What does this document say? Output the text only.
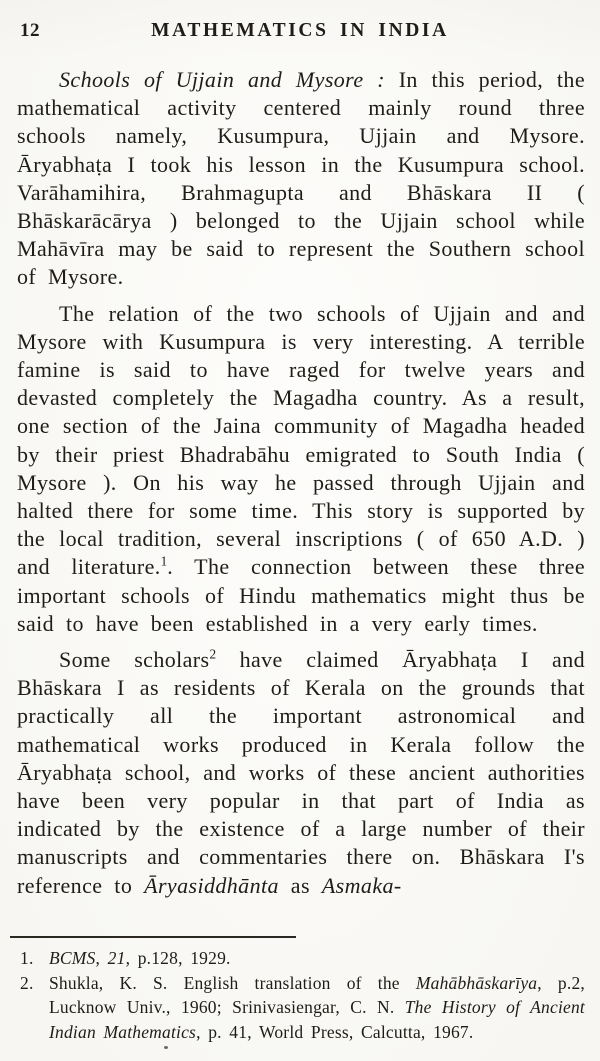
12	MATHEMATICS IN INDIA

Schools of Ujjain and Mysore : In this period, the mathematical activity centered mainly round three schools namely, Kusumpura, Ujjain and Mysore. Āryabhaṭa I took his lesson in the Kusumpura school. Varāhamihira, Brahmagupta and Bhāskara II ( Bhāskarācārya ) belonged to the Ujjain school while Mahāvīra may be said to represent the Southern school of Mysore.

The relation of the two schools of Ujjain and and Mysore with Kusumpura is very interesting. A terrible famine is said to have raged for twelve years and devasted completely the Magadha country. As a result, one section of the Jaina community of Magadha headed by their priest Bhadrabāhu emigrated to South India ( Mysore ). On his way he passed through Ujjain and halted there for some time. This story is supported by the local tradition, several inscriptions ( of 650 A.D. ) and literature.$^1$. The connection between these three important schools of Hindu mathematics might thus be said to have been established in a very early times.

Some scholars$^2$ have claimed Āryabhaṭa I and Bhāskara I as residents of Kerala on the grounds that practically all the important astronomical and mathematical works produced in Kerala follow the Āryabhaṭa school, and works of these ancient authorities have been very popular in that part of India as indicated by the existence of a large number of their manuscripts and commentaries there on. Bhāskara I's reference to Āryasiddhānta as Asmaka-

1. BCMS, 21, p.128, 1929.
2. Shukla, K. S. English translation of the Mahābhāskarīya, p.2, Lucknow Univ., 1960; Srinivasiengar, C. N. The History of Ancient Indian Mathematics, p. 41, World Press, Calcutta, 1967.
